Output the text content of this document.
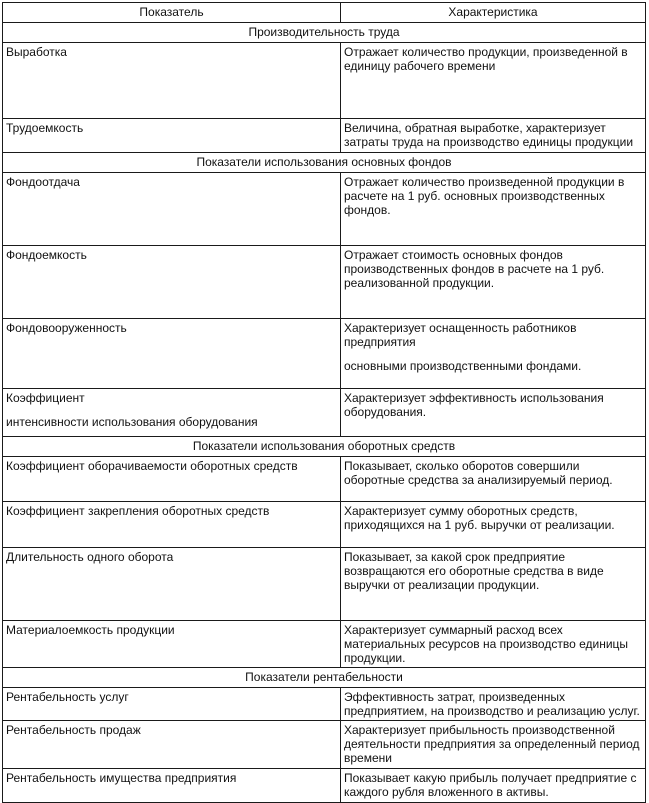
Показатель	Характеристика
Производительность труда	
Выработка	Отражает количество продукции, произведенной в единицу рабочего времени
Трудоемкость	Величина, обратная выработке, характеризует затраты труда на производство единицы продукции
Показатели использования основных фондов	
Фондоотдача	Отражает количество произведенной продукции в расчете на 1 руб. основных производственных фондов.
Фондоемкость	Отражает стоимость основных фондов производственных фондов в расчете на 1 руб. реализованной продукции.
Фондовооруженность	Характеризует оснащенность работников предприятия
основными производственными фондами.

Коэффициент
интенсивности использования оборудования	Характеризует эффективность использования оборудования.
Показатели использования оборотных средств	
Коэффициент оборачиваемости оборотных средств	Показывает, сколько оборотов совершили оборотные средства за анализируемый период.
Коэффициент закрепления оборотных средств	Характеризует сумму оборотных средств, приходящихся на 1 руб. выручки от реализации.
Длительность одного оборота	Показывает, за какой срок предприятие возвращаются его оборотные средства в виде выручки от реализации продукции.
Материалоемкость продукции	Характеризует суммарный расход всех материальных ресурсов на производство единицы продукции.
Показатели рентабельности	
Рентабельность услуг	Эффективность затрат, произведенных предприятием, на производство и реализацию услуг.
Рентабельность продаж	Характеризует прибыльность производственной деятельности предприятия за определенный период времени
Рентабельность имущества предприятия	Показывает какую прибыль получает предприятие с каждого рубля вложенного в активы.
